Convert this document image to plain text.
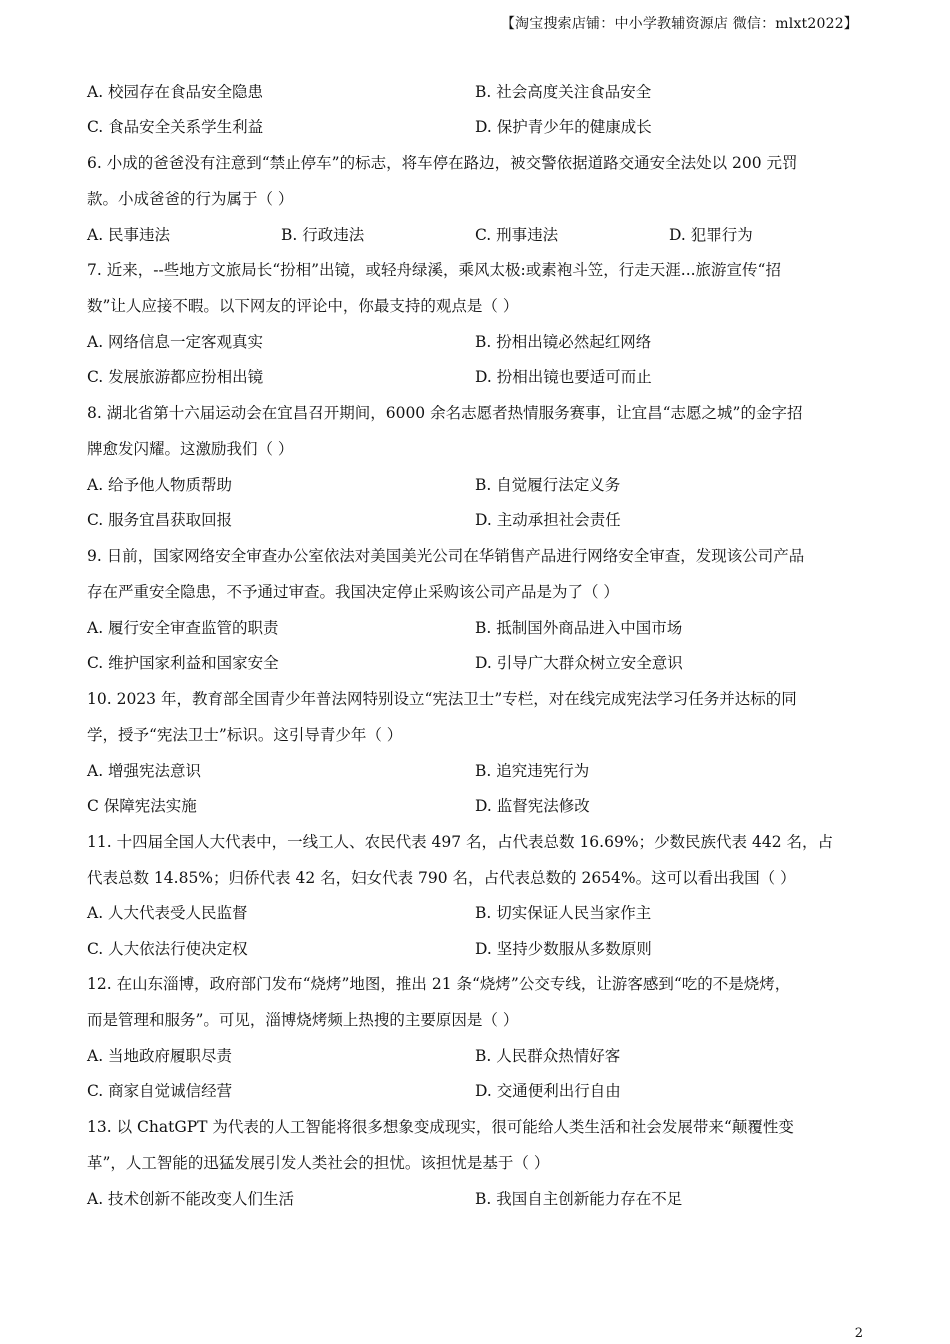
【淘宝搜索店铺：中小学教辅资源店 微信：mlxt2022】
A. 校园存在食品安全隐患	B. 社会高度关注食品安全
C. 食品安全关系学生利益	D. 保护青少年的健康成长
6. 小成的爸爸没有注意到“禁止停车”的标志，将车停在路边，被交警依据道路交通安全法处以 200 元罚
款。小成爸爸的行为属于（ ）
A. 民事违法	B. 行政违法	C. 刑事违法	D. 犯罪行为
7. 近来，--些地方文旅局长“扮相”出镜，或轻舟绿溪，乘风太极:或素袍斗笠，行走天涯...旅游宣传“招
数”让人应接不暇。以下网友的评论中，你最支持的观点是（ ）
A. 网络信息一定客观真实	B. 扮相出镜必然起红网络
C. 发展旅游都应扮相出镜	D. 扮相出镜也要适可而止
8. 湖北省第十六届运动会在宜昌召开期间，6000 余名志愿者热情服务赛事，让宜昌“志愿之城”的金字招
牌愈发闪耀。这激励我们（ ）
A. 给予他人物质帮助	B. 自觉履行法定义务
C. 服务宜昌获取回报	D. 主动承担社会责任
9. 日前，国家网络安全审查办公室依法对美国美光公司在华销售产品进行网络安全审查，发现该公司产品
存在严重安全隐患，不予通过审查。我国决定停止采购该公司产品是为了（ ）
A. 履行安全审查监管的职责	B. 抵制国外商品进入中国市场
C. 维护国家利益和国家安全	D. 引导广大群众树立安全意识
10. 2023 年，教育部全国青少年普法网特别设立“宪法卫士”专栏，对在线完成宪法学习任务并达标的同
学，授予“宪法卫士”标识。这引导青少年（ ）
A. 增强宪法意识	B. 追究违宪行为
C 保障宪法实施	D. 监督宪法修改
11. 十四届全国人大代表中，一线工人、农民代表 497 名，占代表总数 16.69%；少数民族代表 442 名，占
代表总数 14.85%；归侨代表 42 名，妇女代表 790 名，占代表总数的 2654%。这可以看出我国（ ）
A. 人大代表受人民监督	B. 切实保证人民当家作主
C. 人大依法行使决定权	D. 坚持少数服从多数原则
12. 在山东淄博，政府部门发布“烧烤”地图，推出 21 条“烧烤”公交专线，让游客感到“吃的不是烧烤，
而是管理和服务”。可见，淄博烧烤频上热搜的主要原因是（ ）
A. 当地政府履职尽责	B. 人民群众热情好客
C. 商家自觉诚信经营	D. 交通便利出行自由
13. 以 ChatGPT 为代表的人工智能将很多想象变成现实，很可能给人类生活和社会发展带来“颠覆性变
革”，人工智能的迅猛发展引发人类社会的担忧。该担忧是基于（ ）
A. 技术创新不能改变人们生活	B. 我国自主创新能力存在不足
2
